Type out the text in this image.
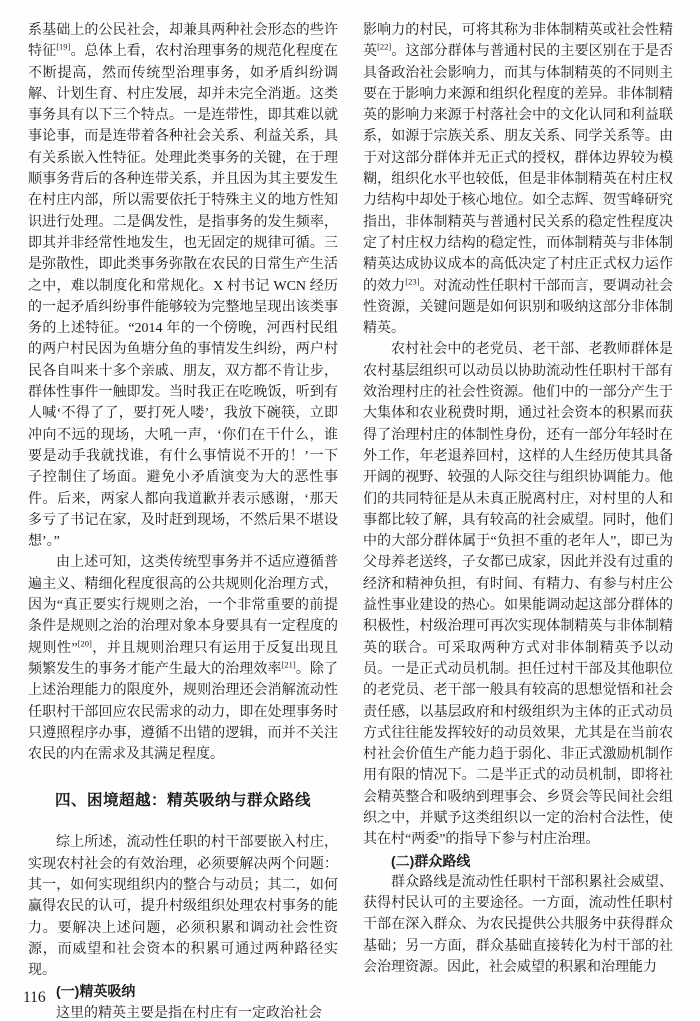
系基础上的公民社会，却兼具两种社会形态的些许特征[19]。总体上看，农村治理事务的规范化程度在不断提高，然而传统型治理事务，如矛盾纠纷调解、计划生育、村庄发展，却并未完全消逝。这类事务具有以下三个特点。一是连带性，即其难以就事论事，而是连带着各种社会关系、利益关系，具有关系嵌入性特征。处理此类事务的关键，在于理顺事务背后的各种连带关系，并且因为其主要发生在村庄内部，所以需要依托于特殊主义的地方性知识进行处理。二是偶发性，是指事务的发生频率，即其并非经常性地发生，也无固定的规律可循。三是弥散性，即此类事务弥散在农民的日常生产生活之中，难以制度化和常规化。X 村书记 WCN 经历的一起矛盾纠纷事件能够较为完整地呈现出该类事务的上述特征。“2014 年的一个傍晚，河西村民组的两户村民因为鱼塘分鱼的事情发生纠纷，两户村民各自叫来十多个亲戚、朋友，双方都不肯让步，群体性事件一触即发。当时我正在吃晚饭，听到有人喊‘不得了了，要打死人喽’，我放下碗筷，立即冲向不远的现场，大吼一声，‘你们在干什么，谁要是动手我就找谁，有什么事情说不开的！’一下子控制住了场面。避免小矛盾演变为大的恶性事件。后来，两家人都向我道歉并表示感谢，‘那天多亏了书记在家，及时赶到现场，不然后果不堪设想’。”

由上述可知，这类传统型事务并不适应遵循普遍主义、精细化程度很高的公共规则化治理方式，因为“真正要实行规则之治，一个非常重要的前提条件是规则之治的治理对象本身要具有一定程度的规则性”[20]，并且规则治理只有运用于反复出现且频繁发生的事务才能产生最大的治理效率[21]。除了上述治理能力的限度外，规则治理还会消解流动性任职村干部回应农民需求的动力，即在处理事务时只遵照程序办事，遵循不出错的逻辑，而并不关注农民的内在需求及其满足程度。

四、困境超越：精英吸纳与群众路线

综上所述，流动性任职的村干部要嵌入村庄，实现农村社会的有效治理，必须要解决两个问题：其一，如何实现组织内的整合与动员；其二，如何赢得农民的认可，提升村级组织处理农村事务的能力。要解决上述问题，必须积累和调动社会性资源，而威望和社会资本的积累可通过两种路径实现。

(一)精英吸纳

这里的精英主要是指在村庄有一定政治社会

影响力的村民，可将其称为非体制精英或社会性精英[22]。这部分群体与普通村民的主要区别在于是否具备政治社会影响力，而其与体制精英的不同则主要在于影响力来源和组织化程度的差异。非体制精英的影响力来源于村落社会中的文化认同和利益联系，如源于宗族关系、朋友关系、同学关系等。由于对这部分群体并无正式的授权，群体边界较为模糊，组织化水平也较低，但是非体制精英在村庄权力结构中却处于核心地位。如仝志辉、贺雪峰研究指出，非体制精英与普通村民关系的稳定性程度决定了村庄权力结构的稳定性，而体制精英与非体制精英达成协议成本的高低决定了村庄正式权力运作的效力[23]。对流动性任职村干部而言，要调动社会性资源，关键问题是如何识别和吸纳这部分非体制精英。

农村社会中的老党员、老干部、老教师群体是农村基层组织可以动员以协助流动性任职村干部有效治理村庄的社会性资源。他们中的一部分产生于大集体和农业税费时期，通过社会资本的积累而获得了治理村庄的体制性身份，还有一部分年轻时在外工作，年老退养回村，这样的人生经历使其具备开阔的视野、较强的人际交往与组织协调能力。他们的共同特征是从未真正脱离村庄，对村里的人和事都比较了解，具有较高的社会威望。同时，他们中的大部分群体属于“负担不重的老年人”，即已为父母养老送终，子女都已成家，因此并没有过重的经济和精神负担，有时间、有精力、有参与村庄公益性事业建设的热心。如果能调动起这部分群体的积极性，村级治理可再次实现体制精英与非体制精英的联合。可采取两种方式对非体制精英予以动员。一是正式动员机制。担任过村干部及其他职位的老党员、老干部一般具有较高的思想觉悟和社会责任感，以基层政府和村级组织为主体的正式动员方式往往能发挥较好的动员效果，尤其是在当前农村社会价值生产能力趋于弱化、非正式激励机制作用有限的情况下。二是半正式的动员机制，即将社会精英整合和吸纳到理事会、乡贤会等民间社会组织之中，并赋予这类组织以一定的治村合法性，使其在村“两委”的指导下参与村庄治理。

(二)群众路线

群众路线是流动性任职村干部积累社会威望、获得村民认可的主要途径。一方面，流动性任职村干部在深入群众、为农民提供公共服务中获得群众基础；另一方面，群众基础直接转化为村干部的社会治理资源。因此，社会威望的积累和治理能力

116
